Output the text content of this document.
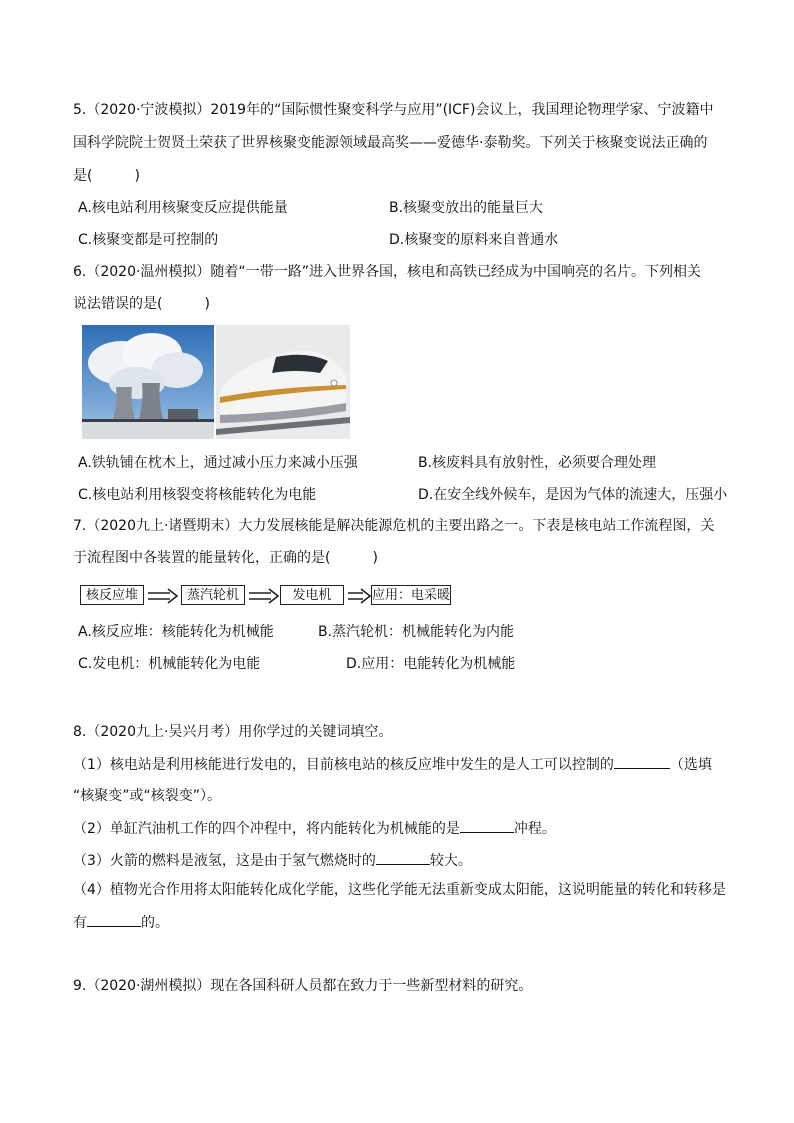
5.（2020·宁波模拟）2019年的“国际惯性聚变科学与应用”(ICF)会议上，我国理论物理学家、宁波籍中
国科学院院士贺贤土荣获了世界核聚变能源领域最高奖——爱德华·泰勒奖。下列关于核聚变说法正确的
是(　　　)
A.核电站利用核聚变反应提供能量	B.核聚变放出的能量巨大
C.核聚变都是可控制的	D.核聚变的原料来自普通水
6.（2020·温州模拟）随着“一带一路”进入世界各国，核电和高铁已经成为中国响亮的名片。下列相关
说法错误的是(　　　)
A.铁轨铺在枕木上，通过减小压力来减小压强	B.核废料具有放射性，必须要合理处理
C.核电站利用核裂变将核能转化为电能	D.在安全线外候车，是因为气体的流速大，压强小
7.（2020九上·诸暨期末）大力发展核能是解决能源危机的主要出路之一。下表是核电站工作流程图，关
于流程图中各装置的能量转化，正确的是(　　　)
核反应堆	蒸汽轮机	发电机	应用：电采暖
A.核反应堆：核能转化为机械能	B.蒸汽轮机：机械能转化为内能
C.发电机：机械能转化为电能	D.应用：电能转化为机械能
8.（2020九上·吴兴月考）用你学过的关键词填空。
（1）核电站是利用核能进行发电的，目前核电站的核反应堆中发生的是人工可以控制的	（选填
“核聚变”或“核裂变”）。
（2）单缸汽油机工作的四个冲程中，将内能转化为机械能的是	冲程。
（3）火箭的燃料是液氢，这是由于氢气燃烧时的	较大。
（4）植物光合作用将太阳能转化成化学能，这些化学能无法重新变成太阳能，这说明能量的转化和转移是
有	的。
9.（2020·湖州模拟）现在各国科研人员都在致力于一些新型材料的研究。
